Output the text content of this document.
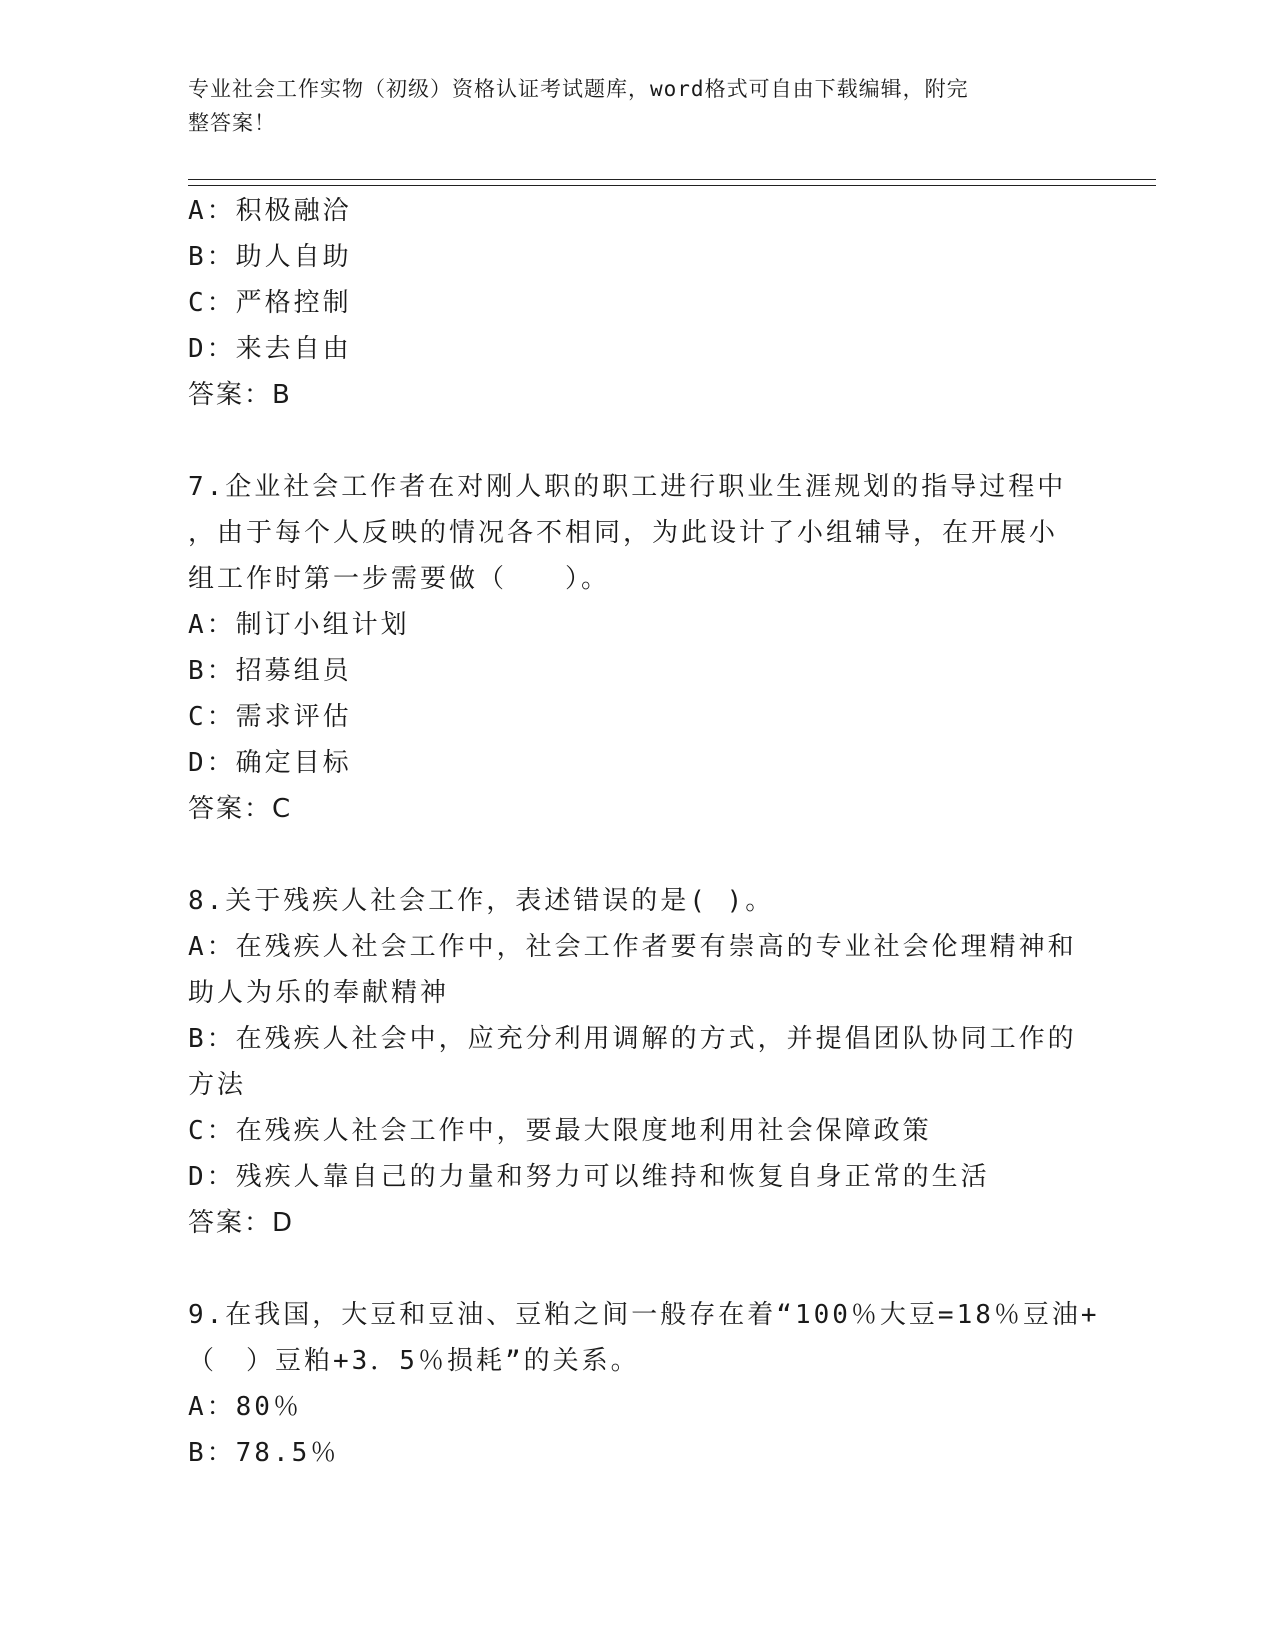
专业社会工作实物（初级）资格认证考试题库，word格式可自由下载编辑，附完
整答案！
A：积极融洽
B：助人自助
C：严格控制
D：来去自由
答案：B
7.企业社会工作者在对刚人职的职工进行职业生涯规划的指导过程中
，由于每个人反映的情况各不相同，为此设计了小组辅导，在开展小
组工作时第一步需要做（　　）。
A：制订小组计划
B：招募组员
C：需求评估
D：确定目标
答案：C
8.关于残疾人社会工作，表述错误的是( )。
A：在残疾人社会工作中，社会工作者要有崇高的专业社会伦理精神和
助人为乐的奉献精神
B：在残疾人社会中，应充分利用调解的方式，并提倡团队协同工作的
方法
C：在残疾人社会工作中，要最大限度地利用社会保障政策
D：残疾人靠自己的力量和努力可以维持和恢复自身正常的生活
答案：D
9.在我国，大豆和豆油、豆粕之间一般存在着“100％大豆=18％豆油+
（　）豆粕+3．5％损耗”的关系。
A：80％
B：78.5％
